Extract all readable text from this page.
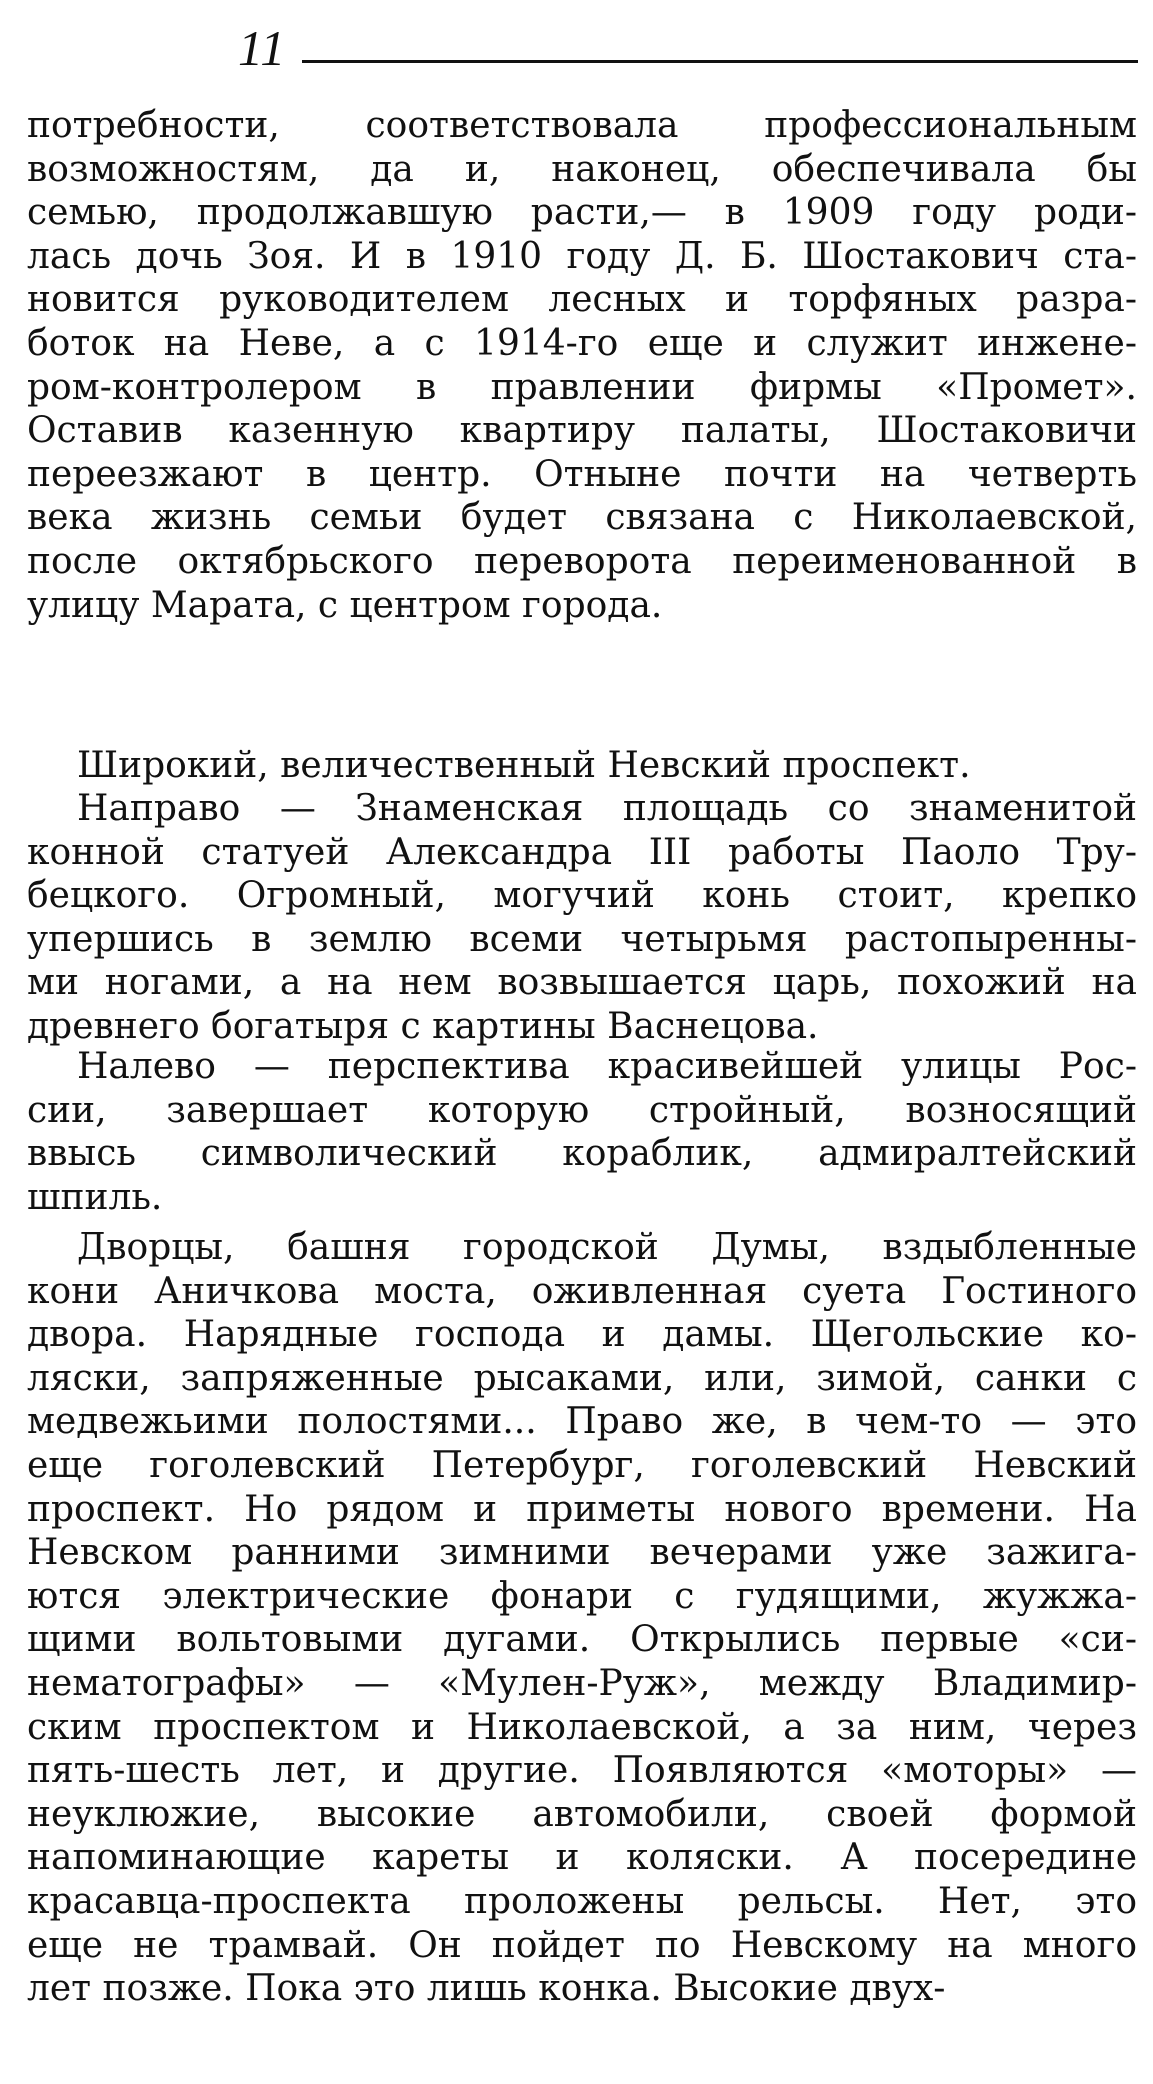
11
потребности, соответствовала профессиональным
возможностям, да и, наконец, обеспечивала бы
семью, продолжавшую расти,— в 1909 году роди-
лась дочь Зоя. И в 1910 году Д. Б. Шостакович ста-
новится руководителем лесных и торфяных разра-
боток на Неве, а с 1914-го еще и служит инжене-
ром-контролером в правлении фирмы «Промет».
Оставив казенную квартиру палаты, Шостаковичи
переезжают в центр. Отныне почти на четверть
века жизнь семьи будет связана с Николаевской,
после октябрьского переворота переименованной в
улицу Марата, с центром города.
Широкий, величественный Невский проспект.
Направо — Знаменская площадь со знаменитой
конной статуей Александра III работы Паоло Тру-
бецкого. Огромный, могучий конь стоит, крепко
упершись в землю всеми четырьмя растопыренны-
ми ногами, а на нем возвышается царь, похожий на
древнего богатыря с картины Васнецова.
Налево — перспектива красивейшей улицы Рос-
сии, завершает которую стройный, возносящий
ввысь символический кораблик, адмиралтейский
шпиль.
Дворцы, башня городской Думы, вздыбленные
кони Аничкова моста, оживленная суета Гостиного
двора. Нарядные господа и дамы. Щегольские ко-
ляски, запряженные рысаками, или, зимой, санки с
медвежьими полостями... Право же, в чем-то — это
еще гоголевский Петербург, гоголевский Невский
проспект. Но рядом и приметы нового времени. На
Невском ранними зимними вечерами уже зажига-
ются электрические фонари с гудящими, жужжа-
щими вольтовыми дугами. Открылись первые «си-
нематографы» — «Мулен-Руж», между Владимир-
ским проспектом и Николаевской, а за ним, через
пять-шесть лет, и другие. Появляются «моторы» —
неуклюжие, высокие автомобили, своей формой
напоминающие кареты и коляски. А посередине
красавца-проспекта проложены рельсы. Нет, это
еще не трамвай. Он пойдет по Невскому на много
лет позже. Пока это лишь конка. Высокие двух-
